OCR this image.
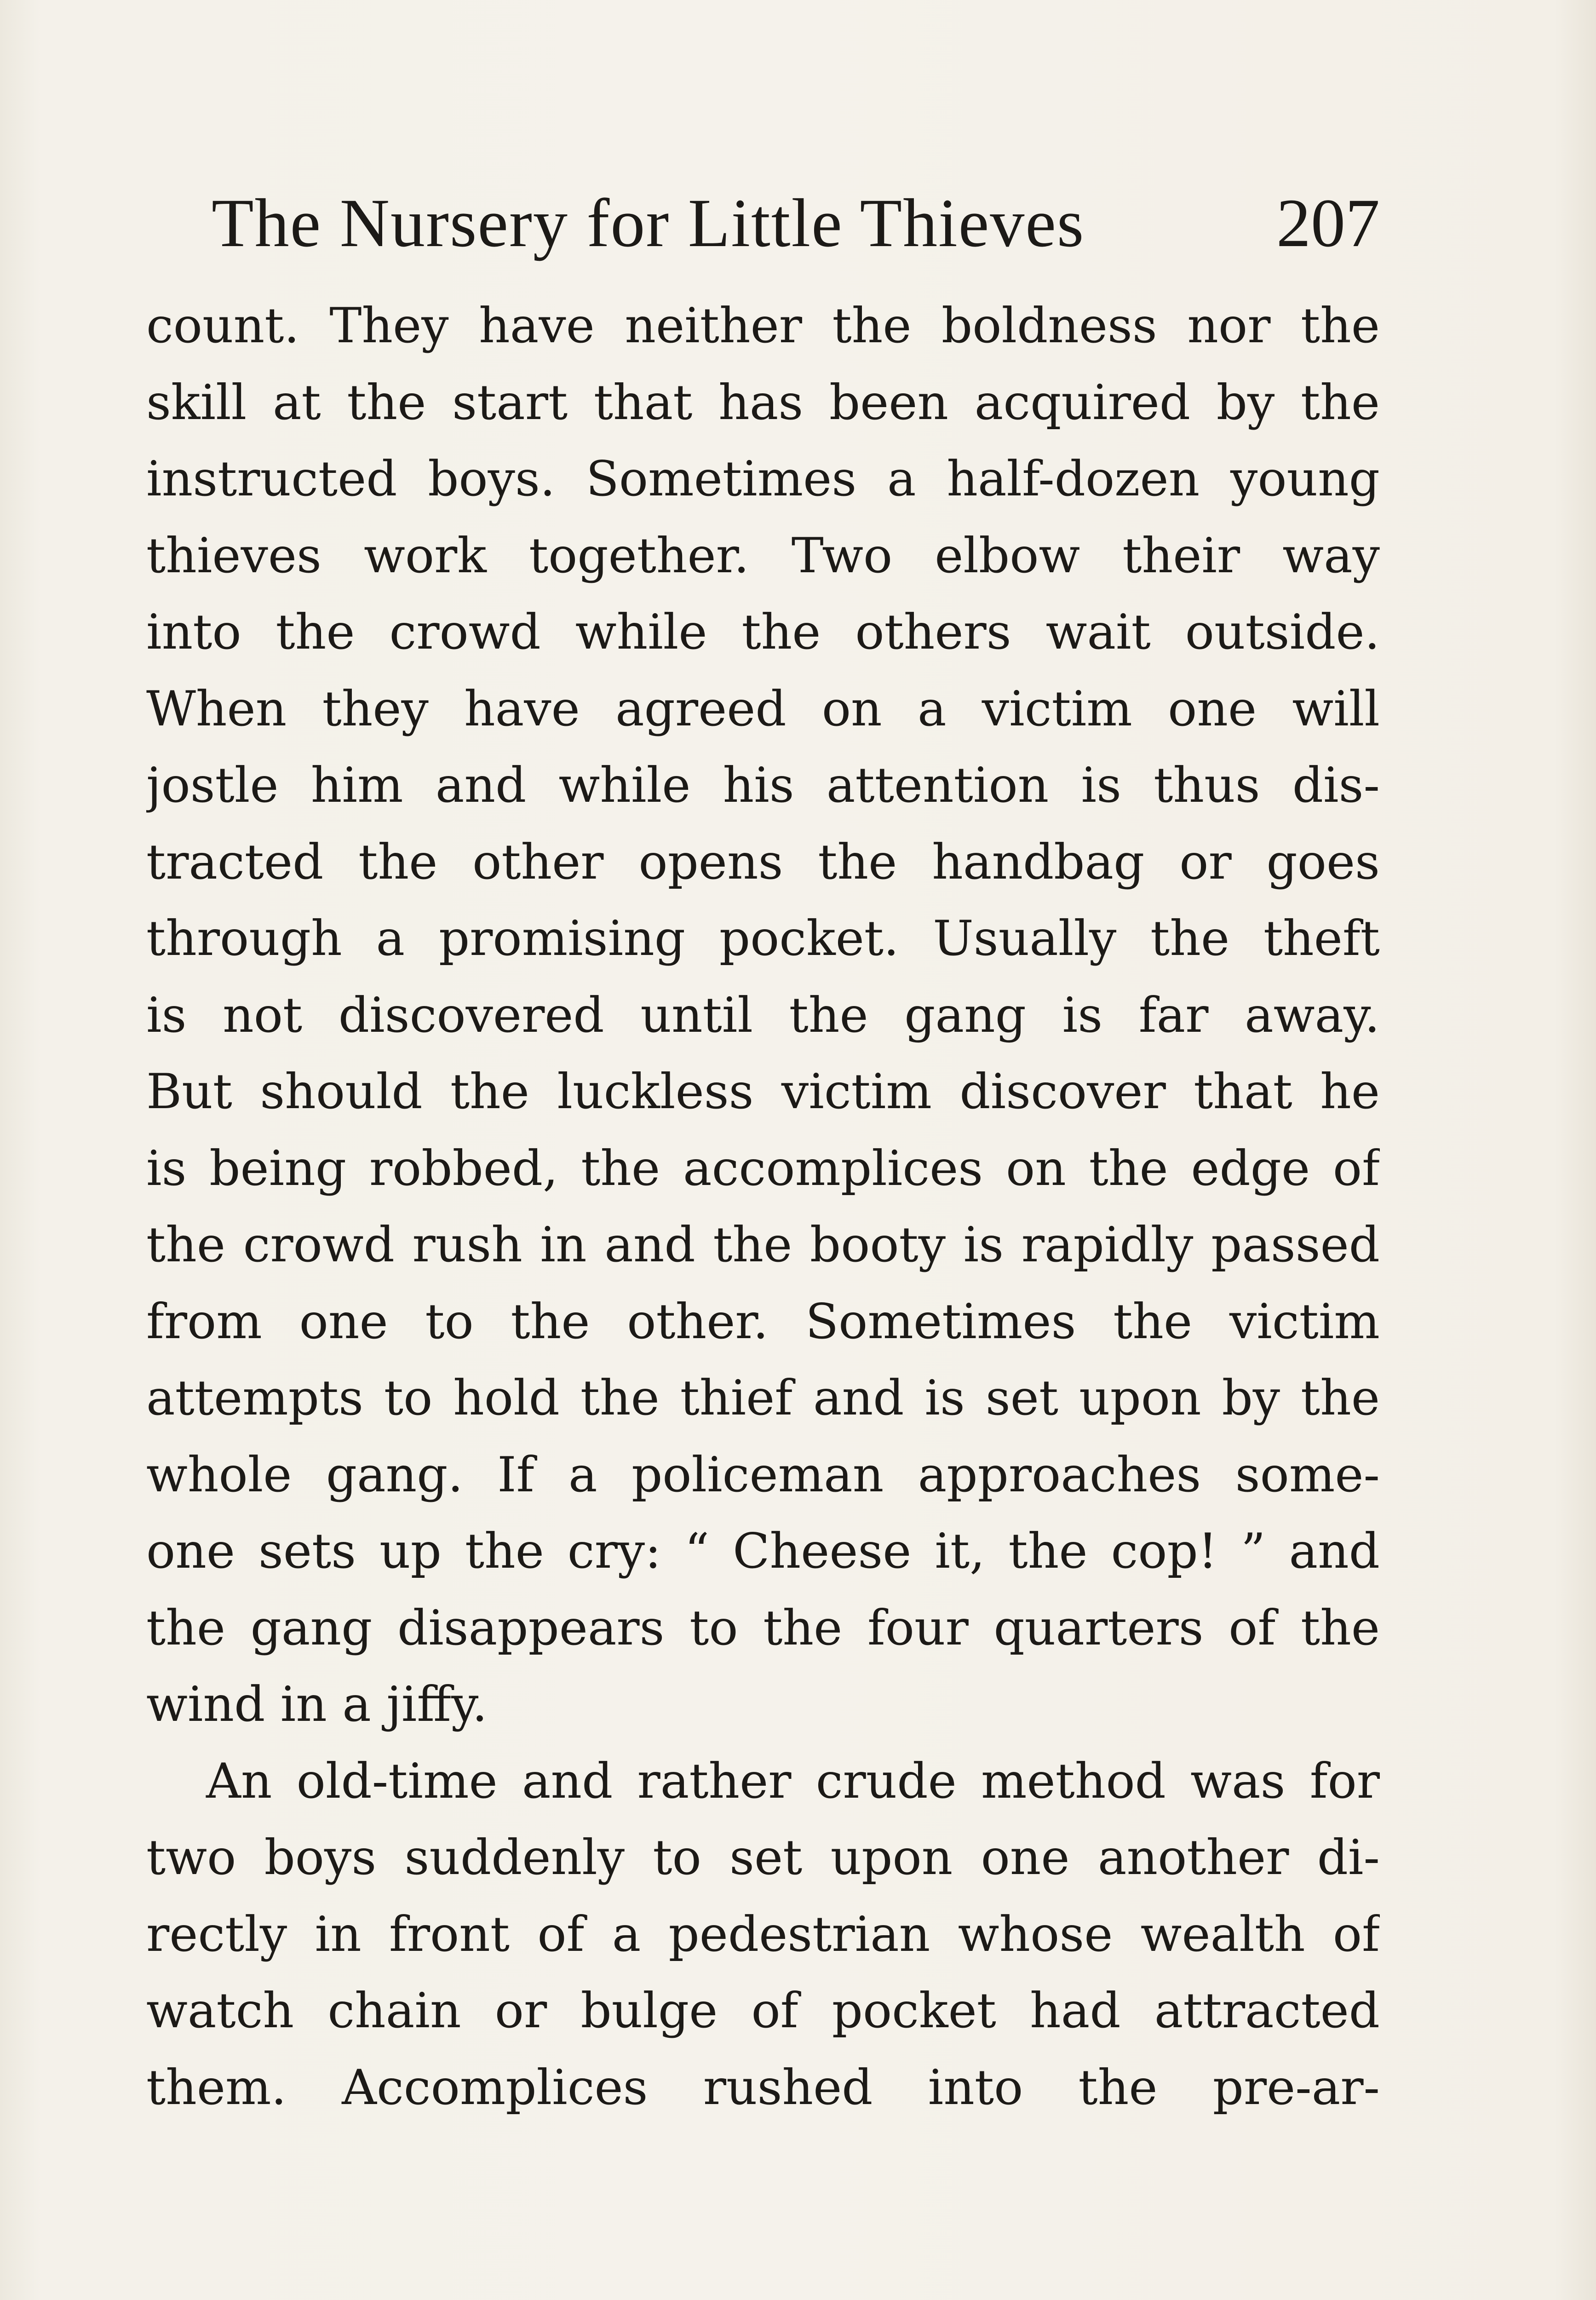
The Nursery for Little Thieves	207
count. They have neither the boldness nor the
skill at the start that has been acquired by the
instructed boys. Sometimes a half-dozen young
thieves work together. Two elbow their way
into the crowd while the others wait outside.
When they have agreed on a victim one will
jostle him and while his attention is thus dis-
tracted the other opens the handbag or goes
through a promising pocket. Usually the theft
is not discovered until the gang is far away.
But should the luckless victim discover that he
is being robbed, the accomplices on the edge of
the crowd rush in and the booty is rapidly passed
from one to the other. Sometimes the victim
attempts to hold the thief and is set upon by the
whole gang. If a policeman approaches some-
one sets up the cry: “ Cheese it, the cop! ” and
the gang disappears to the four quarters of the
wind in a jiffy.
An old-time and rather crude method was for
two boys suddenly to set upon one another di-
rectly in front of a pedestrian whose wealth of
watch chain or bulge of pocket had attracted
them. Accomplices rushed into the pre-ar-
